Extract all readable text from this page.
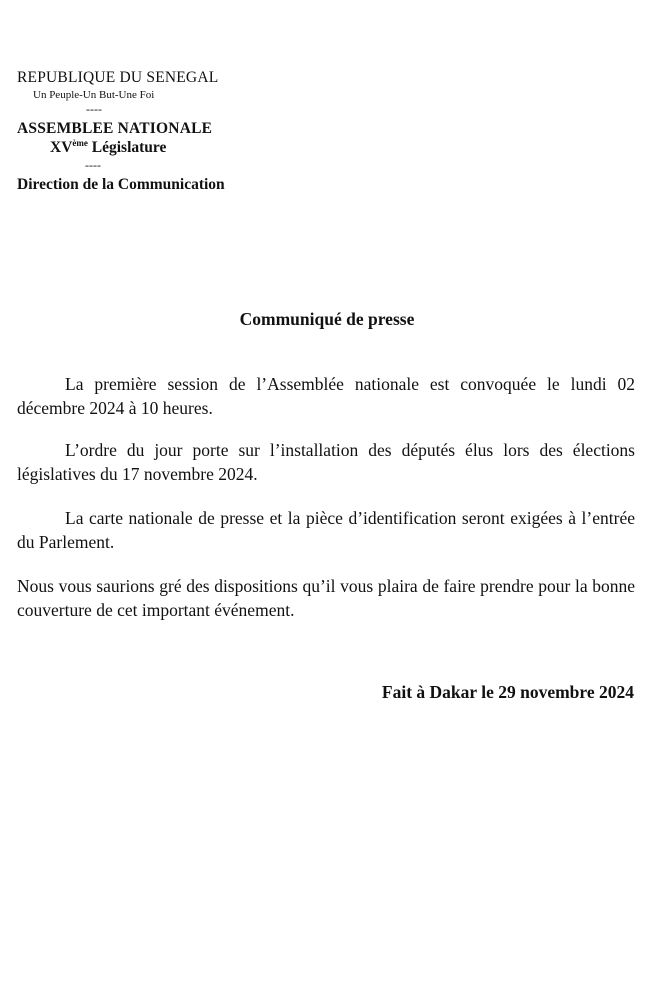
REPUBLIQUE DU SENEGAL
Un Peuple-Un But-Une Foi
----
ASSEMBLEE NATIONALE
XVème Législature
----
Direction de la Communication
Communiqué de presse

La première session de l’Assemblée nationale est convoquée le lundi 02 décembre 2024 à 10 heures.

L’ordre du jour porte sur l’installation des députés élus lors des élections législatives du 17 novembre 2024.

La carte nationale de presse et la pièce d’identification seront exigées à l’entrée du Parlement.

Nous vous saurions gré des dispositions qu’il vous plaira de faire prendre pour la bonne couverture de cet important événement.

Fait à Dakar le 29 novembre 2024
